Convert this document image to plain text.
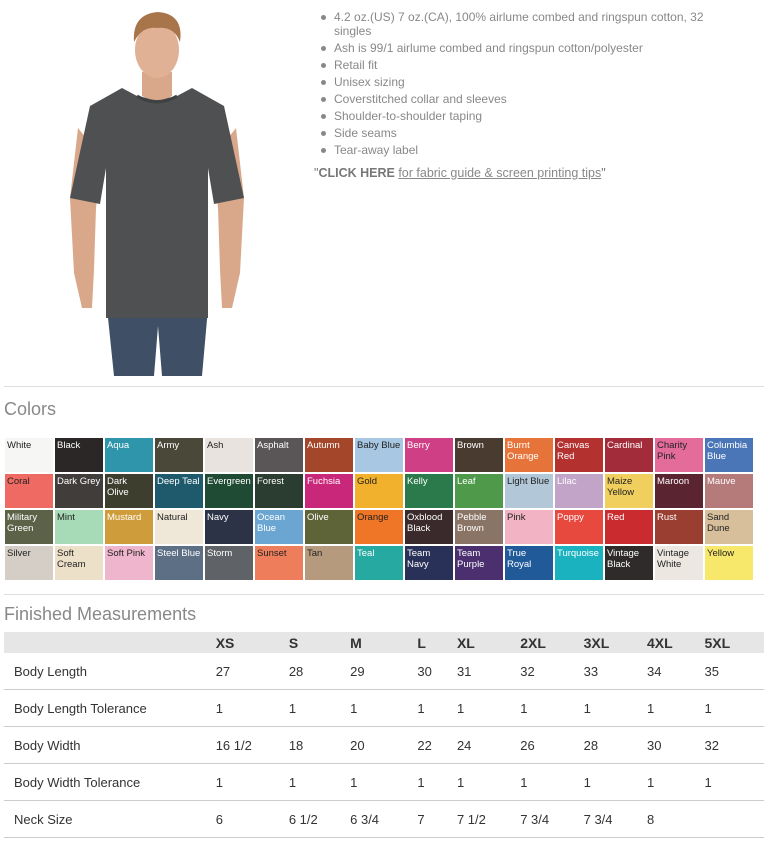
4.2 oz.(US) 7 oz.(CA), 100% airlume combed and ringspun cotton, 32 singles
Ash is 99/1 airlume combed and ringspun cotton/polyester
Retail fit
Unisex sizing
Coverstitched collar and sleeves
Shoulder-to-shoulder taping
Side seams
Tear-away label
"CLICK HERE for fabric guide & screen printing tips"
Colors
White	Black	Aqua	Army	Ash	Asphalt	Autumn	Baby Blue Berry	Brown	Burnt Orange
Canvas Red
Cardinal	Charity Pink
Columbia Blue
Coral	Dark Grey Dark Olive
Deep Teal Evergreen Forest	Fuchsia	Gold	Kelly	Leaf	Light Blue Lilac	Maize Yellow
Maroon	Mauve
Military Green
Mint	Mustard	Natural	Navy	Ocean Blue
Olive	Orange	Oxblood Black
Pebble Brown
Pink	Poppy	Red	Rust	Sand Dune
Silver	Soft Cream
Soft Pink	Steel Blue Storm	Sunset	Tan	Teal	Team Navy
Team Purple
True Royal
Turquoise Vintage Black
Vintage White
Yellow
Finished Measurements
	XS	S	M	L	XL	2XL	3XL	4XL	5XL
Body Length	27	28	29	30	31	32	33	34	35
Body Length Tolerance	1	1	1	1	1	1	1	1	1
Body Width	16 1/2	18	20	22	24	26	28	30	32
Body Width Tolerance	1	1	1	1	1	1	1	1	1
Neck Size	6	6 1/2	6 3/4	7	7 1/2	7 3/4	7 3/4	8	
